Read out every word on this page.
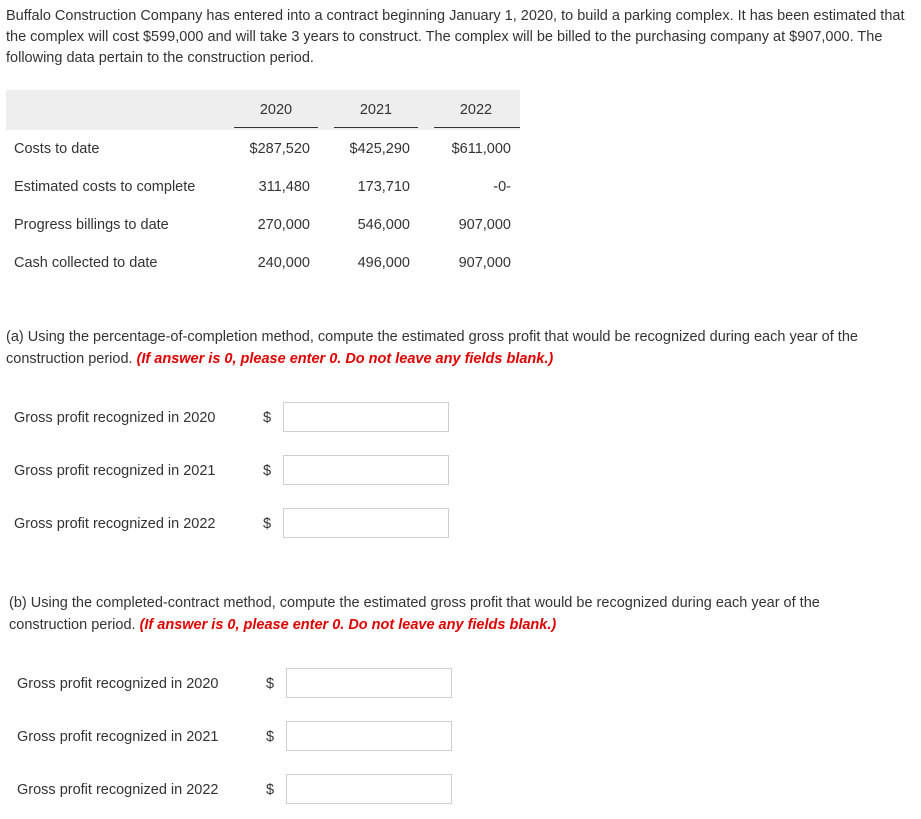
Buffalo Construction Company has entered into a contract beginning January 1, 2020, to build a parking complex. It has been estimated that the complex will cost $599,000 and will take 3 years to construct. The complex will be billed to the purchasing company at $907,000. The following data pertain to the construction period.
2020	2021	2022
Costs to date	$287,520	$425,290	$611,000
Estimated costs to complete	311,480	173,710	-0-
Progress billings to date	270,000	546,000	907,000
Cash collected to date	240,000	496,000	907,000
(a) Using the percentage-of-completion method, compute the estimated gross profit that would be recognized during each year of the construction period. (If answer is 0, please enter 0. Do not leave any fields blank.)
Gross profit recognized in 2020	$
Gross profit recognized in 2021	$
Gross profit recognized in 2022	$
(b) Using the completed-contract method, compute the estimated gross profit that would be recognized during each year of the construction period. (If answer is 0, please enter 0. Do not leave any fields blank.)
Gross profit recognized in 2020	$
Gross profit recognized in 2021	$
Gross profit recognized in 2022	$
